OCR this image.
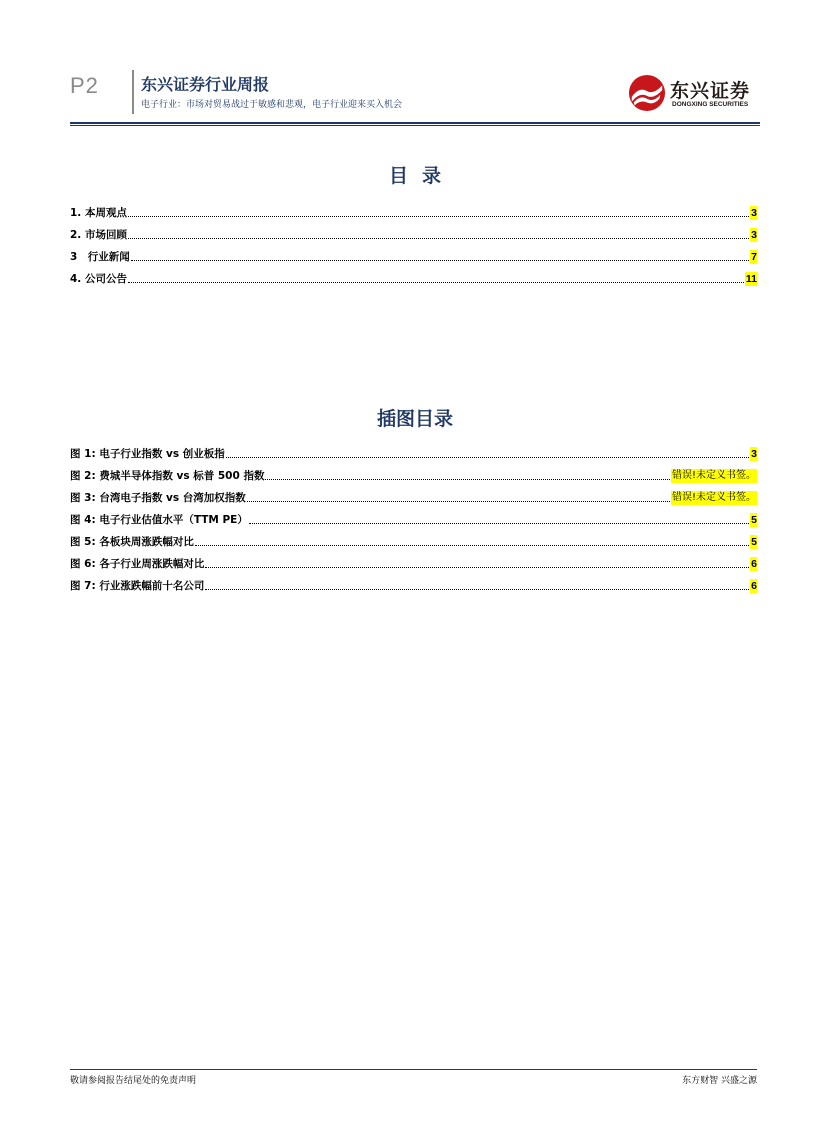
P2	东兴证券行业周报
电子行业：市场对贸易战过于敏感和悲观，电子行业迎来买入机会
东兴证券
DONGXING SECURITIES
目录
1. 本周观点	3
2. 市场回顾	3
3　行业新闻	7
4. 公司公告	11
插图目录
图 1: 电子行业指数 vs 创业板指	3
图 2: 费城半导体指数 vs 标普 500 指数	错误!未定义书签。
图 3: 台湾电子指数 vs 台湾加权指数	错误!未定义书签。
图 4: 电子行业估值水平（TTM PE）	5
图 5: 各板块周涨跌幅对比	5
图 6: 各子行业周涨跌幅对比	6
图 7: 行业涨跌幅前十名公司	6
敬请参阅报告结尾处的免责声明	东方财智 兴盛之源
